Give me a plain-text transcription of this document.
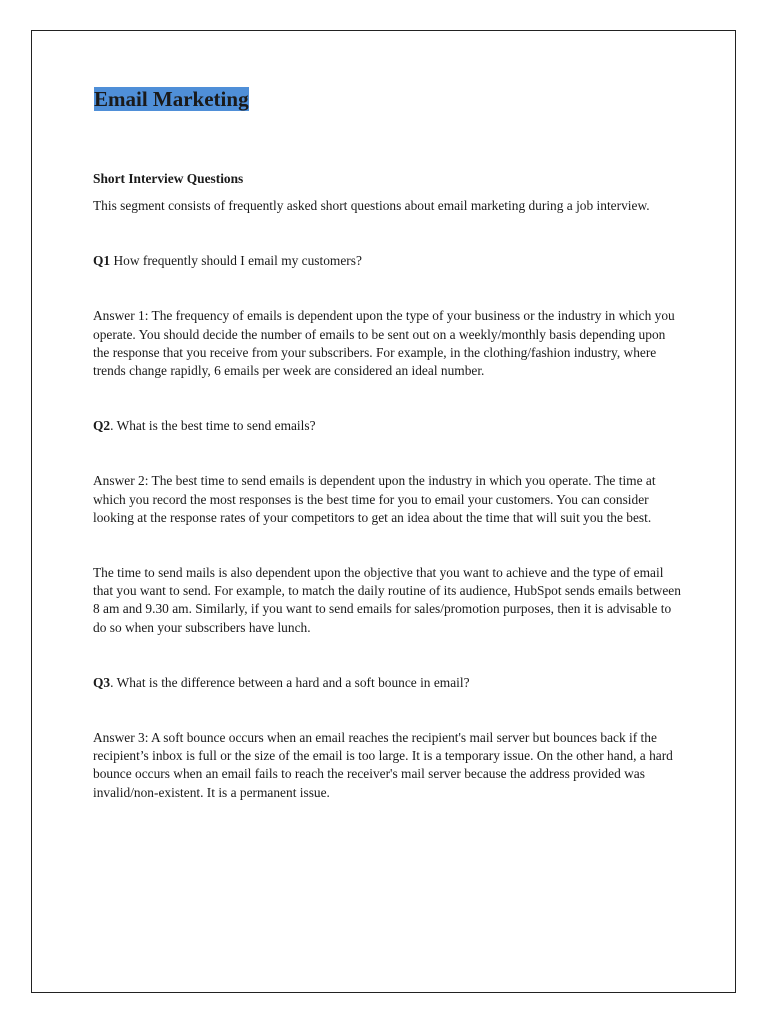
Email Marketing
Short Interview Questions

This segment consists of frequently asked short questions about email marketing during a job interview.

Q1 How frequently should I email my customers?

Answer 1: The frequency of emails is dependent upon the type of your business or the industry in which you operate. You should decide the number of emails to be sent out on a weekly/monthly basis depending upon the response that you receive from your subscribers. For example, in the clothing/fashion industry, where trends change rapidly, 6 emails per week are considered an ideal number.

Q2. What is the best time to send emails?

Answer 2: The best time to send emails is dependent upon the industry in which you operate. The time at which you record the most responses is the best time for you to email your customers. You can consider looking at the response rates of your competitors to get an idea about the time that will suit you the best.

The time to send mails is also dependent upon the objective that you want to achieve and the type of email that you want to send. For example, to match the daily routine of its audience, HubSpot sends emails between 8 am and 9.30 am. Similarly, if you want to send emails for sales/promotion purposes, then it is advisable to do so when your subscribers have lunch.

Q3. What is the difference between a hard and a soft bounce in email?

Answer 3: A soft bounce occurs when an email reaches the recipient's mail server but bounces back if the recipient’s inbox is full or the size of the email is too large. It is a temporary issue. On the other hand, a hard bounce occurs when an email fails to reach the receiver's mail server because the address provided was invalid/non-existent. It is a permanent issue.
